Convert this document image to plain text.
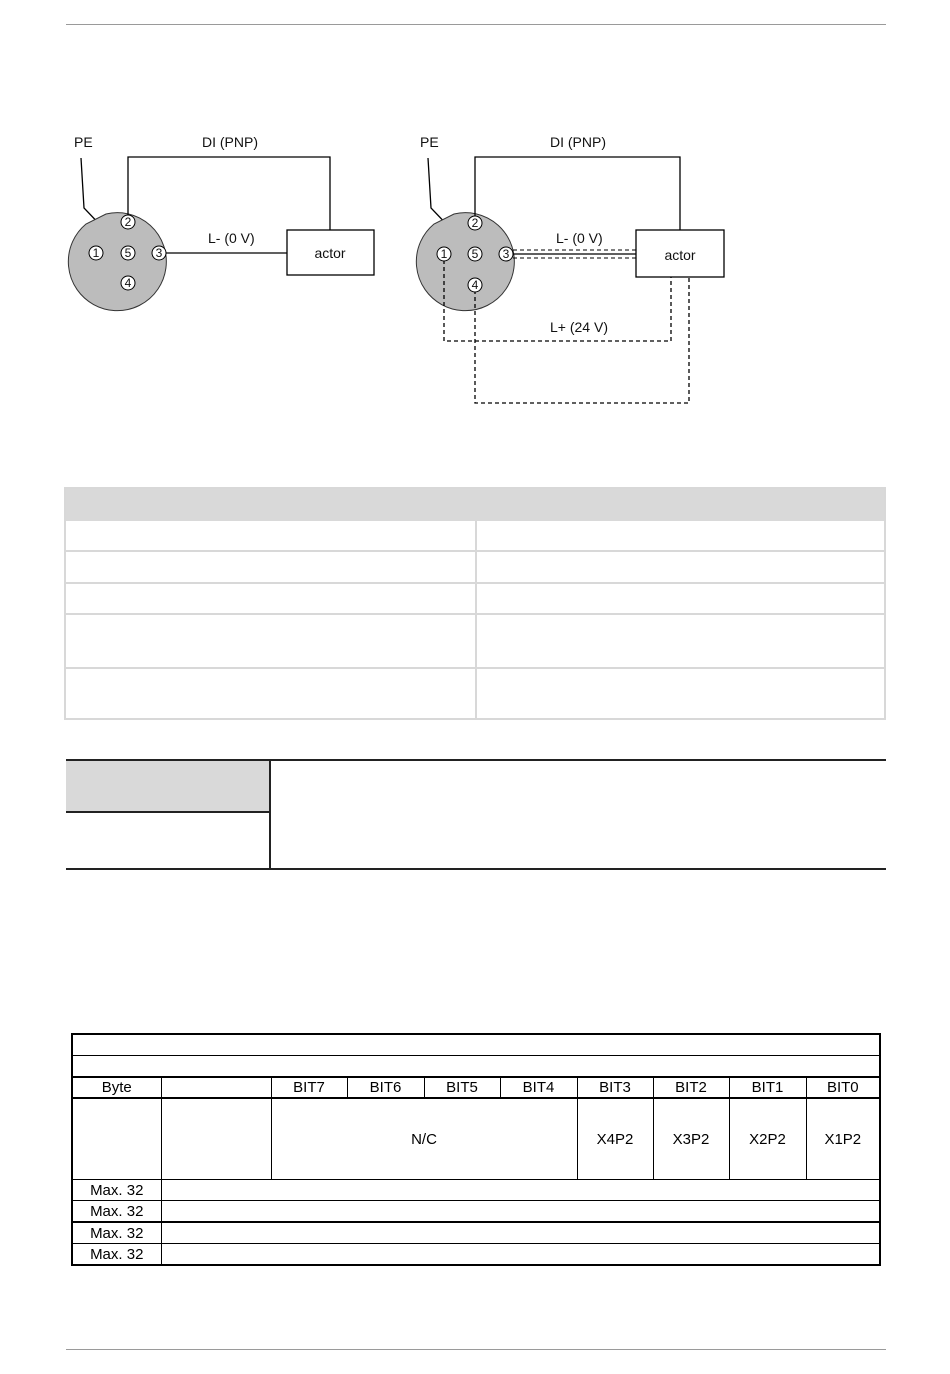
PE	DI (PNP)
L- (0 V)
actor
1
2
3
4
5
PE	DI (PNP)
L- (0 V)
actor
L+ (24 V)
1
2
3
4
5

Byte		BIT7	BIT6	BIT5	BIT4	BIT3	BIT2	BIT1	BIT0
		N/C				X4P2	X3P2	X2P2	X1P2
Max. 32									
Max. 32									
Max. 32									
Max. 32									
